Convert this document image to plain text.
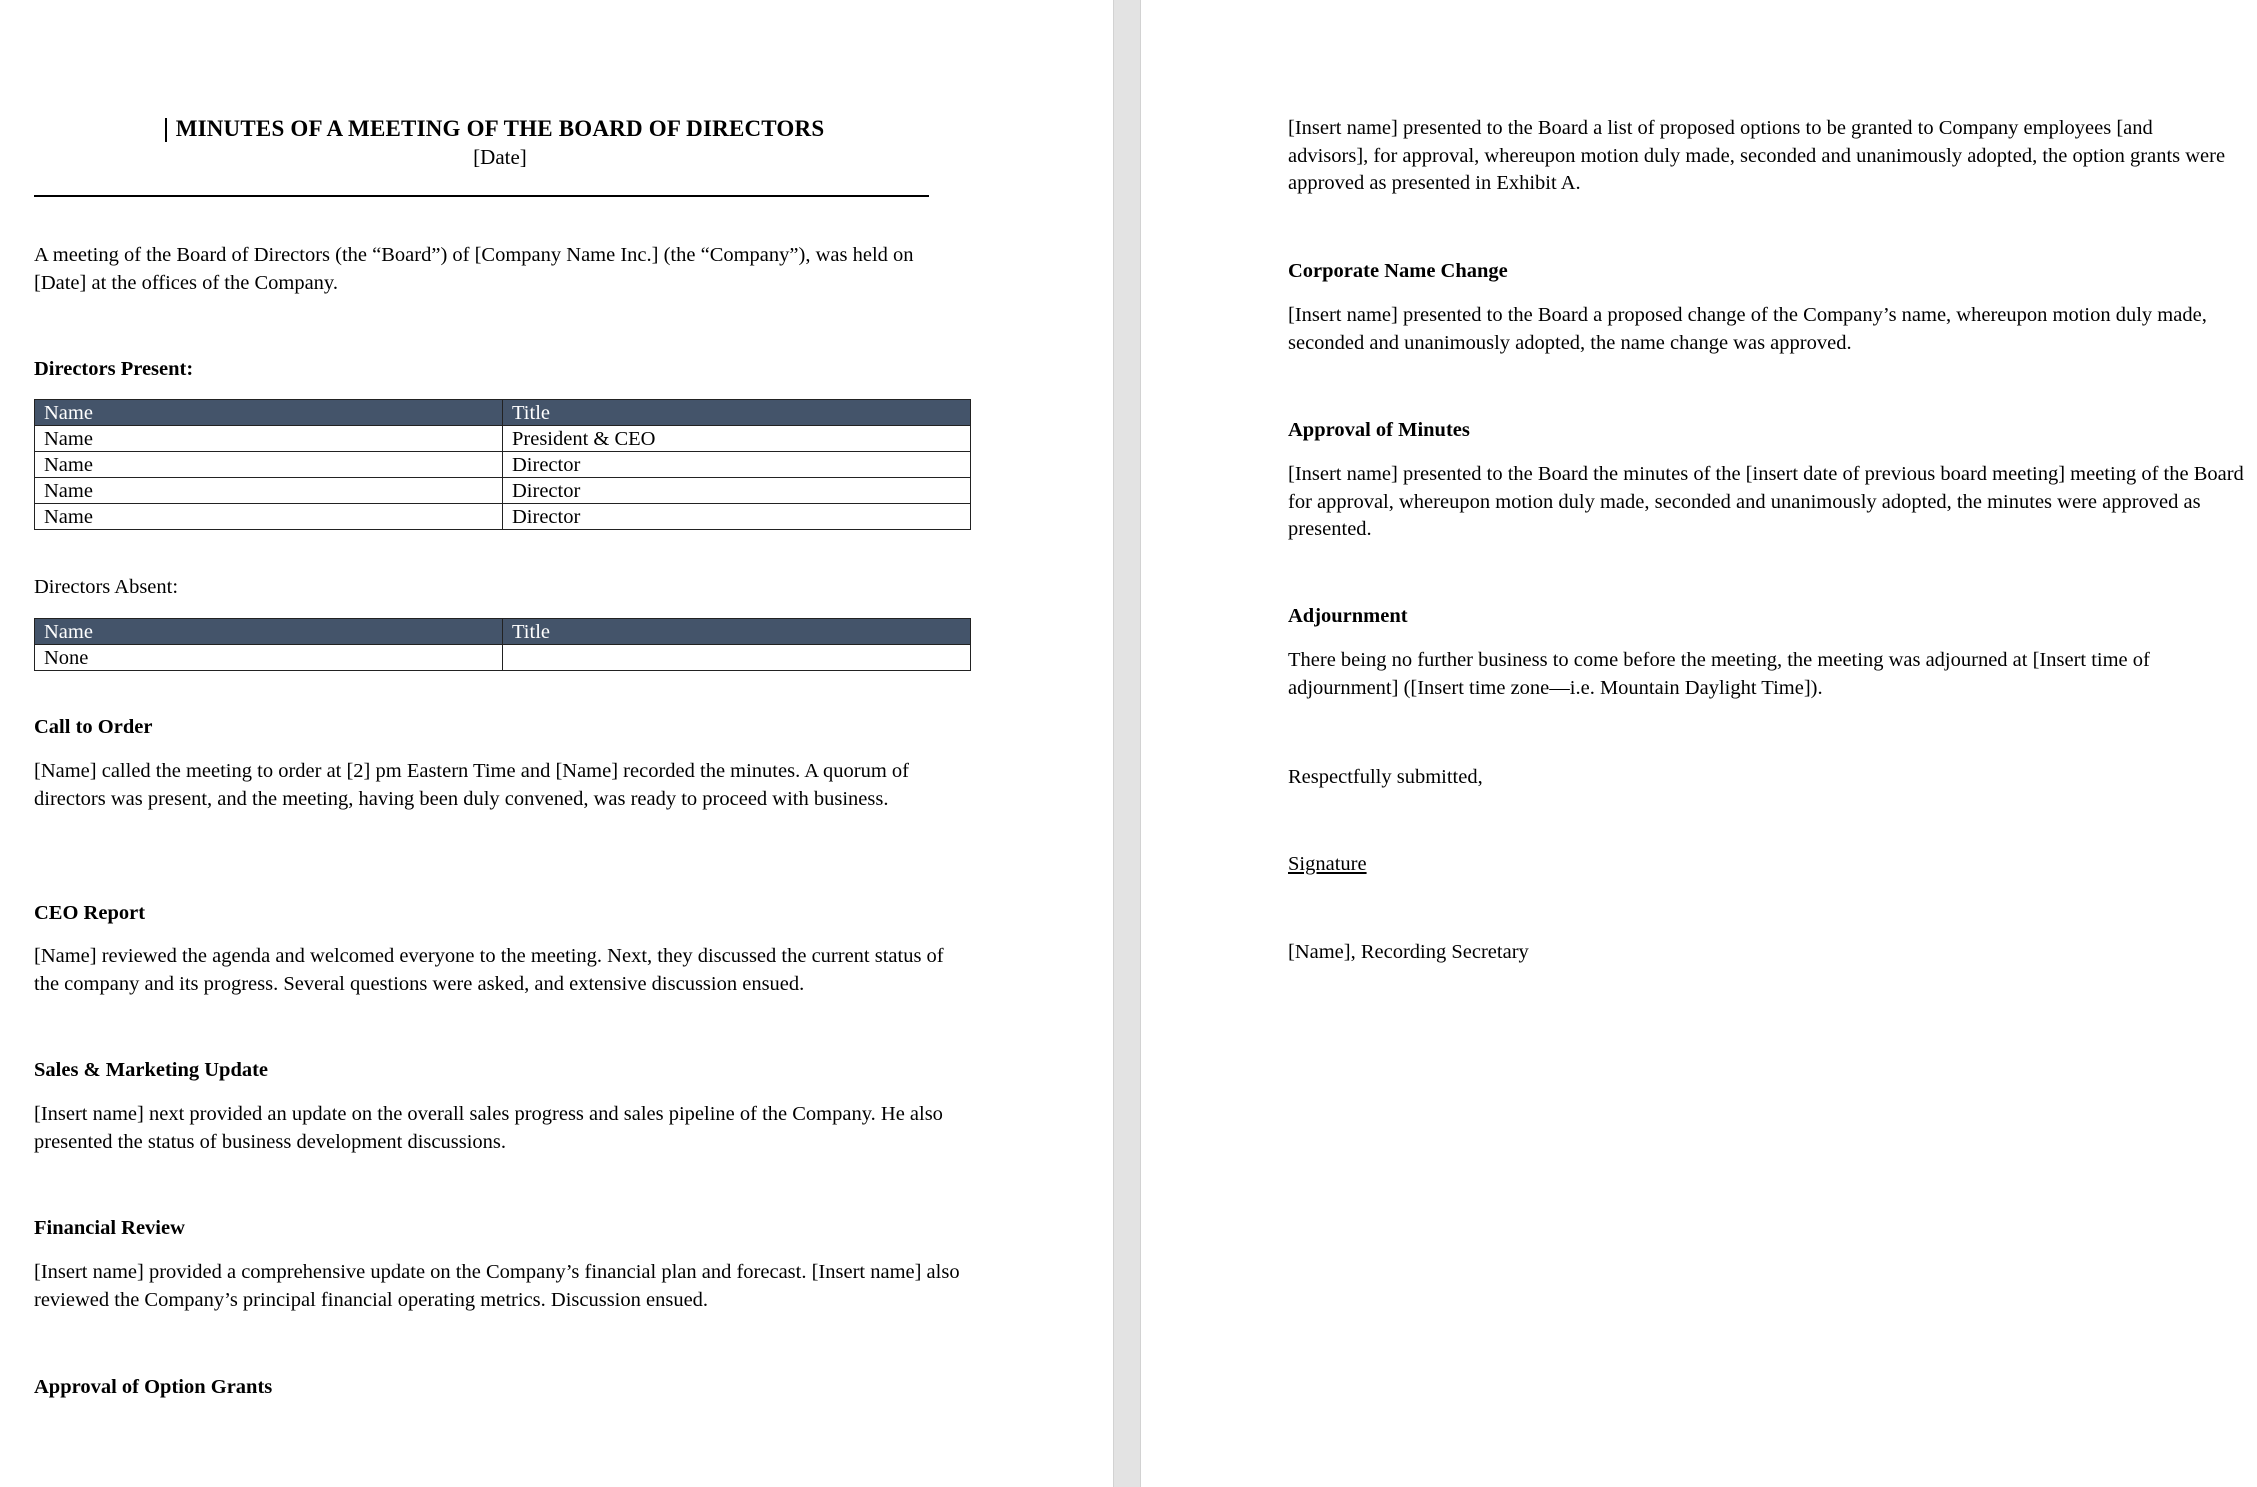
MINUTES OF A MEETING OF THE BOARD OF DIRECTORS
[Date]

A meeting of the Board of Directors (the “Board”) of [Company Name Inc.] (the “Company”), was held on [Date] at the offices of the Company.

Directors Present:
Name	Title
Name	President & CEO
Name	Director
Name	Director
Name	Director
Directors Absent:
Name	Title
None	
Call to Order

[Name] called the meeting to order at [2] pm Eastern Time and [Name] recorded the minutes. A quorum of directors was present, and the meeting, having been duly convened, was ready to proceed with business.

CEO Report

[Name] reviewed the agenda and welcomed everyone to the meeting. Next, they discussed the current status of the company and its progress. Several questions were asked, and extensive discussion ensued.

Sales & Marketing Update

[Insert name] next provided an update on the overall sales progress and sales pipeline of the Company. He also presented the status of business development discussions.

Financial Review

[Insert name] provided a comprehensive update on the Company’s financial plan and forecast. [Insert name] also reviewed the Company’s principal financial operating metrics. Discussion ensued.

Approval of Option Grants

[Insert name] presented to the Board a list of proposed options to be granted to Company employees [and advisors], for approval, whereupon motion duly made, seconded and unanimously adopted, the option grants were approved as presented in Exhibit A.

Corporate Name Change

[Insert name] presented to the Board a proposed change of the Company’s name, whereupon motion duly made, seconded and unanimously adopted, the name change was approved.

Approval of Minutes

[Insert name] presented to the Board the minutes of the [insert date of previous board meeting] meeting of the Board for approval, whereupon motion duly made, seconded and unanimously adopted, the minutes were approved as presented.

Adjournment

There being no further business to come before the meeting, the meeting was adjourned at [Insert time of adjournment] ([Insert time zone—i.e. Mountain Daylight Time]).

Respectfully submitted,
Signature
[Name], Recording Secretary
